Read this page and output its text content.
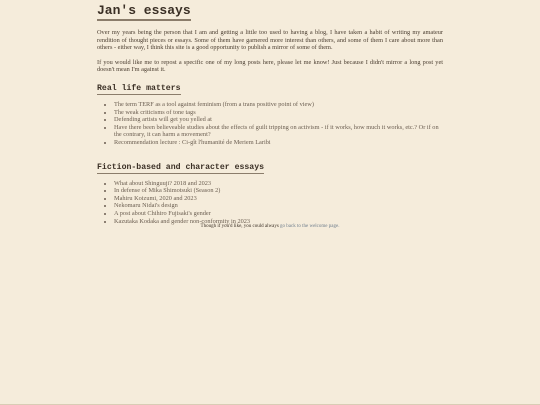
Jan's essays

Over my years being the person that I am and getting a little too used to having a blog, I have taken a habit of writing my amateur rendition of thought pieces or essays. Some of them have garnered more interest than others, and some of them I care about more than others - either way, I think this site is a good opportunity to publish a mirror of some of them.

If you would like me to repost a specific one of my long posts here, please let me know! Just because I didn't mirror a long post yet doesn't mean I'm against it.

Real life matters
• The term TERF as a tool against feminism (from a trans positive point of view)
• The weak criticisms of tone tags
• Defending artists will get you yelled at
• Have there been believeable studies about the effects of guilt tripping on activism - if it works, how much it works, etc.? Or if on the contrary, it can harm a movement?
• Recommendation lecture : Ci-gît l'humanité de Meriem Laribi
Fiction-based and character essays
• What about Shinguuji? 2018 and 2023
• In defense of Mika Shimotsuki (Season 2)
• Mahiru Koizumi, 2020 and 2023
• Nekomaru Nidai's design
• A post about Chihiro Fujisaki's gender
• Kazutaka Kodaka and gender non-conformity in 2023
Though if you'd like, you could always go back to the welcome page.
